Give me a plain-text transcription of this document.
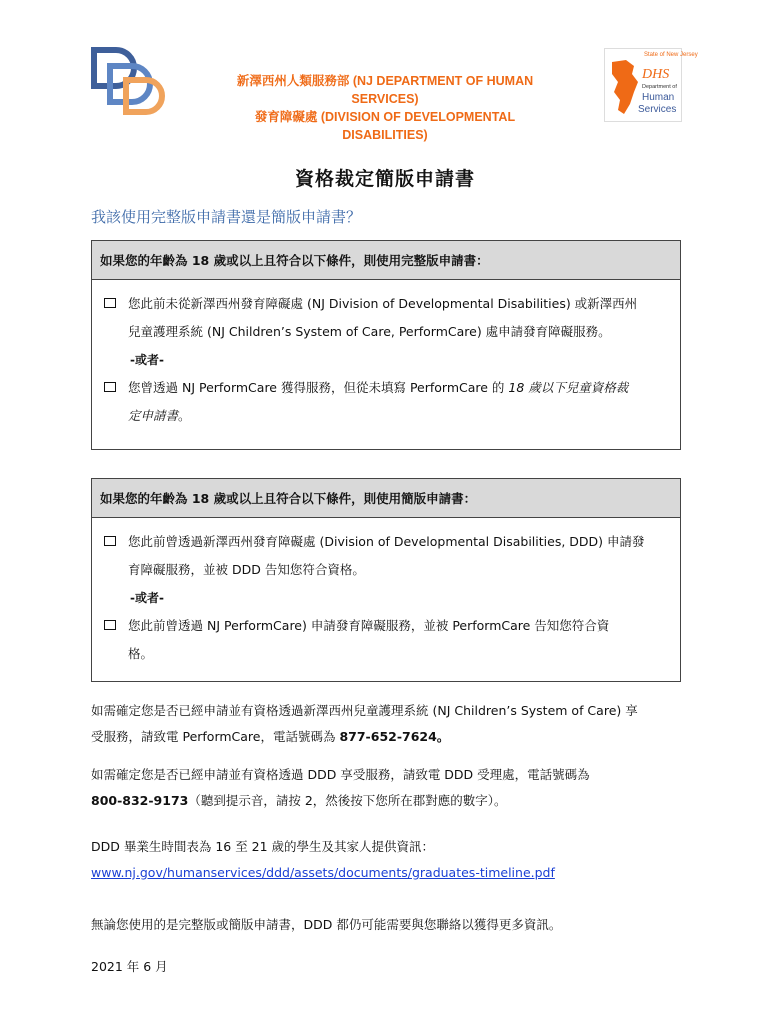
State of New Jersey
DHS
Department of
Human
Services
新澤西州人類服務部 (NJ DEPARTMENT OF HUMAN
SERVICES)
發育障礙處 (DIVISION OF DEVELOPMENTAL
DISABILITIES)
資格裁定簡版申請書
我該使用完整版申請書還是簡版申請書？
如果您的年齡為 18 歲或以上且符合以下條件，則使用完整版申請書：
您此前未從新澤西州發育障礙處 (NJ Division of Developmental Disabilities) 或新澤西州
兒童護理系統 (NJ Children’s System of Care, PerformCare) 處申請發育障礙服務。
-或者-
您曾透過 NJ PerformCare 獲得服務，但從未填寫 PerformCare 的 18 歲以下兒童資格裁
定申請書。
如果您的年齡為 18 歲或以上且符合以下條件，則使用簡版申請書：
您此前曾透過新澤西州發育障礙處 (Division of Developmental Disabilities, DDD) 申請發
育障礙服務，並被 DDD 告知您符合資格。
-或者-
您此前曾透過 NJ PerformCare) 申請發育障礙服務，並被 PerformCare 告知您符合資
格。
如需確定您是否已經申請並有資格透過新澤西州兒童護理系統 (NJ Children’s System of Care) 享
受服務，請致電 PerformCare，電話號碼為 877-652-7624。
如需確定您是否已經申請並有資格透過 DDD 享受服務，請致電 DDD 受理處，電話號碼為
800-832-9173（聽到提示音，請按 2，然後按下您所在郡對應的數字）。
DDD 畢業生時間表為 16 至 21 歲的學生及其家人提供資訊：
www.nj.gov/humanservices/ddd/assets/documents/graduates-timeline.pdf
無論您使用的是完整版或簡版申請書，DDD 都仍可能需要與您聯絡以獲得更多資訊。
2021 年 6 月
